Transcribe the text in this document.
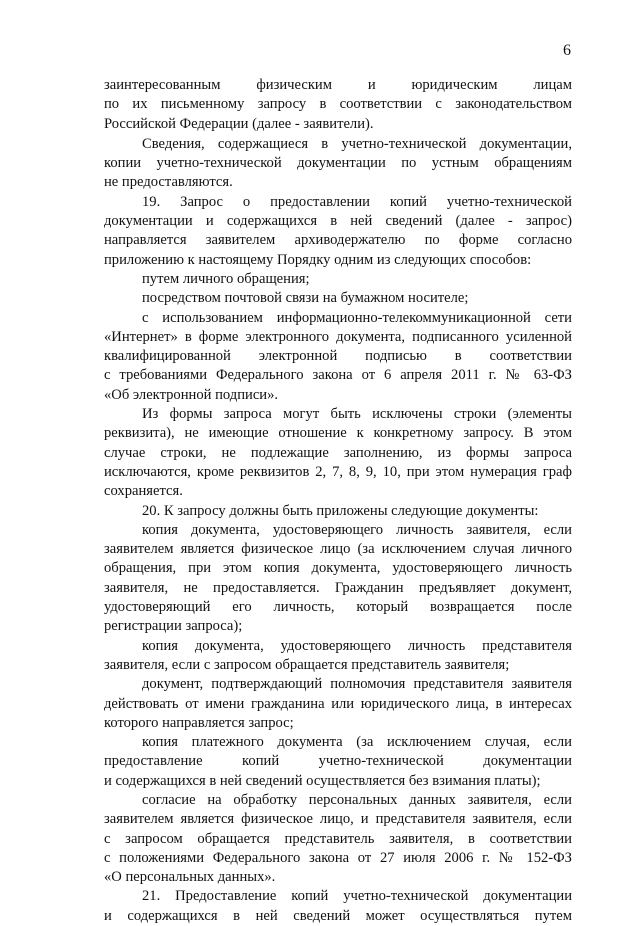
6
заинтересованным физическим и юридическим лицам
по их письменному запросу в соответствии с законодательством
Российской Федерации (далее - заявители).
Сведения, содержащиеся в учетно-технической документации,
копии учетно-технической документации по устным обращениям
не предоставляются.
19. Запрос о предоставлении копий учетно-технической
документации и содержащихся в ней сведений (далее - запрос)
направляется заявителем архиводержателю по форме согласно
приложению к настоящему Порядку одним из следующих способов:
путем личного обращения;
посредством почтовой связи на бумажном носителе;
с использованием информационно-телекоммуникационной сети
«Интернет» в форме электронного документа, подписанного усиленной
квалифицированной электронной подписью в соответствии
с требованиями Федерального закона от 6 апреля 2011 г. № 63-ФЗ
«Об электронной подписи».
Из формы запроса могут быть исключены строки (элементы
реквизита), не имеющие отношение к конкретному запросу. В этом
случае строки, не подлежащие заполнению, из формы запроса
исключаются, кроме реквизитов 2, 7, 8, 9, 10, при этом нумерация граф
сохраняется.
20. К запросу должны быть приложены следующие документы:
копия документа, удостоверяющего личность заявителя, если
заявителем является физическое лицо (за исключением случая личного
обращения, при этом копия документа, удостоверяющего личность
заявителя, не предоставляется. Гражданин предъявляет документ,
удостоверяющий его личность, который возвращается после
регистрации запроса);
копия документа, удостоверяющего личность представителя
заявителя, если с запросом обращается представитель заявителя;
документ, подтверждающий полномочия представителя заявителя
действовать от имени гражданина или юридического лица, в интересах
которого направляется запрос;
копия платежного документа (за исключением случая, если
предоставление копий учетно-технической документации
и содержащихся в ней сведений осуществляется без взимания платы);
согласие на обработку персональных данных заявителя, если
заявителем является физическое лицо, и представителя заявителя, если
с запросом обращается представитель заявителя, в соответствии
с положениями Федерального закона от 27 июля 2006 г. № 152-ФЗ
«О персональных данных».
21. Предоставление копий учетно-технической документации
и содержащихся в ней сведений может осуществляться путем
